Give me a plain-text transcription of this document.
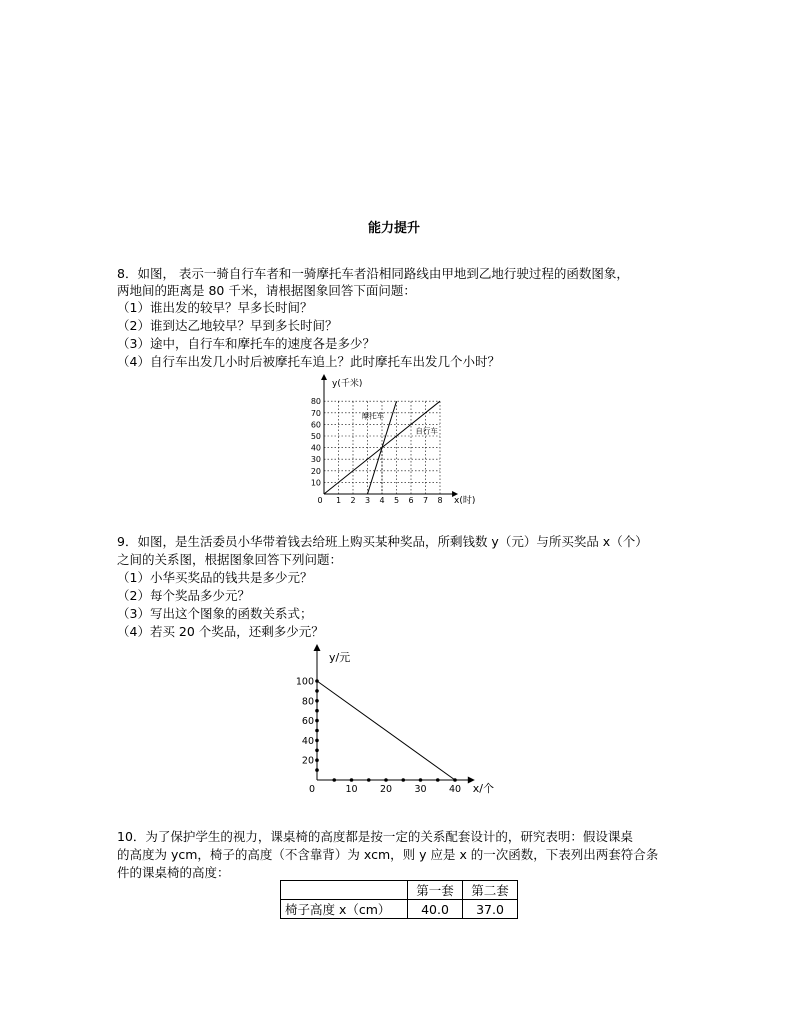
能力提升
8．如图， 表示一骑自行车者和一骑摩托车者沿相同路线由甲地到乙地行驶过程的函数图象，
两地间的距离是 80 千米，请根据图象回答下面问题：
（1）谁出发的较早？早多长时间？
（2）谁到达乙地较早？早到多长时间？
（3）途中，自行车和摩托车的速度各是多少？
（4）自行车出发几小时后被摩托车追上？此时摩托车出发几个小时？
0 1 2 3 4 5 6 7 8
10
20
30
40
50
60
70
80
x(时)
y(千米)
摩托车
自行车
9．如图，是生活委员小华带着钱去给班上购买某种奖品，所剩钱数 y（元）与所买奖品 x（个）
之间的关系图，根据图象回答下列问题：
（1）小华买奖品的钱共是多少元？
（2）每个奖品多少元？
（3）写出这个图象的函数关系式；
（4）若买 20 个奖品，还剩多少元？
0	10 20 30 40
20
40
60
80
100
x/个
y/元
10．为了保护学生的视力，课桌椅的高度都是按一定的关系配套设计的，研究表明：假设课桌
的高度为 ycm，椅子的高度（不含靠背）为 xcm，则 y 应是 x 的一次函数，下表列出两套符合条
件的课桌椅的高度：
	第一套	第二套
椅子高度 x（cm）	40.0	37.0
